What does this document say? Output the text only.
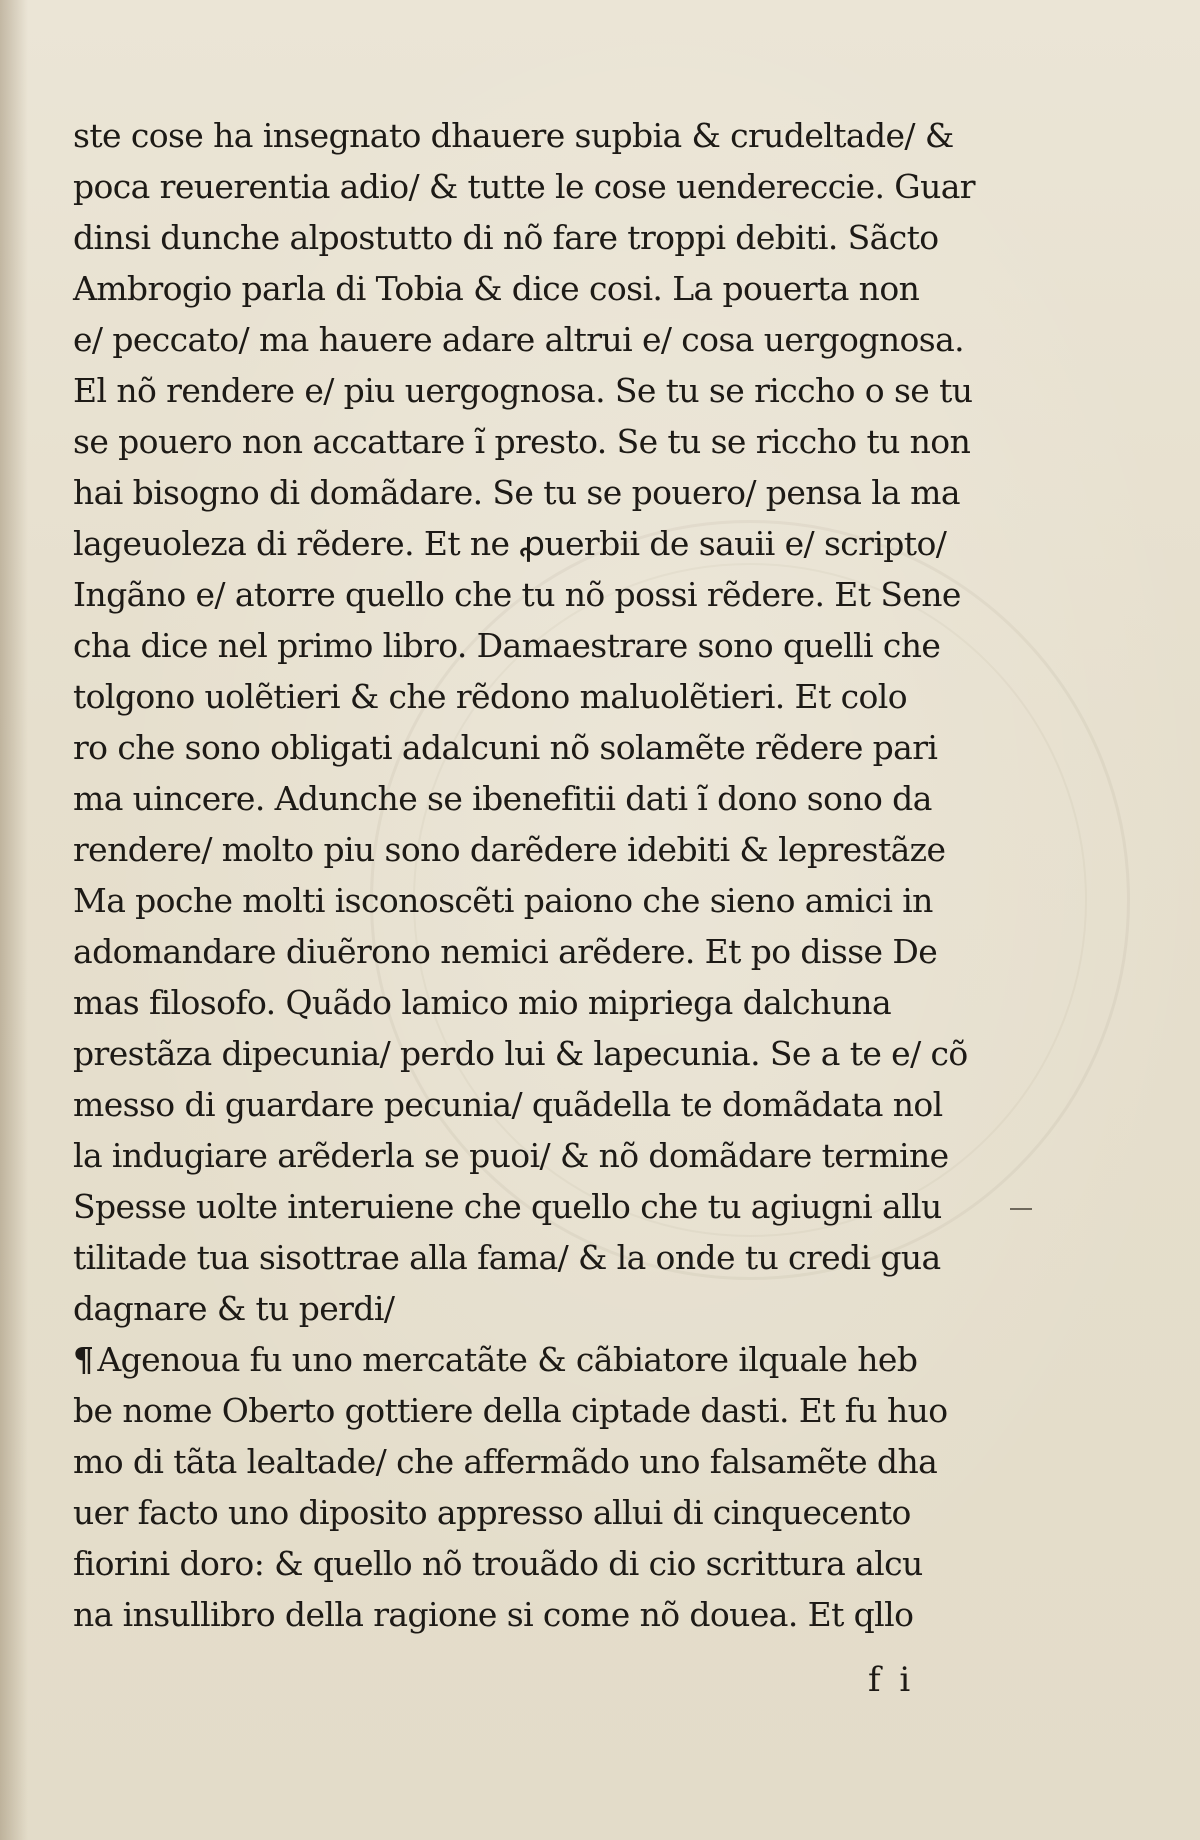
ste cose ha insegnato dhauere supbia & crudeltade/ &
poca reuerentia adio/ & tutte le cose uendereccie. Guar
dinsi dunche alpostutto di nõ fare troppi debiti. Sãcto
Ambrogio parla di Tobia & dice cosi. La pouerta non
e/ peccato/ ma hauere adare altrui e/ cosa uergognosa.
El nõ rendere e/ piu uergognosa. Se tu se riccho o se tu
se pouero non accattare ĩ presto. Se tu se riccho tu non
hai bisogno di domãdare. Se tu se pouero/ pensa la ma
lageuoleza di rẽdere. Et ne ꝓuerbii de sauii e/ scripto/
Ingãno e/ atorre quello che tu nõ possi rẽdere. Et Sene
cha dice nel primo libro. Damaestrare sono quelli che
tolgono uolẽtieri & che rẽdono maluolẽtieri. Et colo
ro che sono obligati adalcuni nõ solamẽte rẽdere pari
ma uincere. Adunche se ibenefitii dati ĩ dono sono da
rendere/ molto piu sono darẽdere idebiti & leprestãze
Ma poche molti isconoscẽti paiono che sieno amici in
adomandare diuẽrono nemici arẽdere. Et po disse De
mas filosofo. Quãdo lamico mio mipriega dalchuna
prestãza dipecunia/ perdo lui & lapecunia. Se a te e/ cõ
messo di guardare pecunia/ quãdella te domãdata nol
la indugiare arẽderla se puoi/ & nõ domãdare termine
Spesse uolte interuiene che quello che tu agiugni allu
tilitade tua sisottrae alla fama/ & la onde tu credi gua
dagnare & tu perdi/
¶ Agenoua fu uno mercatãte & cãbiatore ilquale heb
be nome Oberto gottiere della ciptade dasti. Et fu huo
mo di tãta lealtade/ che affermãdo uno falsamẽte dha
uer facto uno diposito appresso allui di cinquecento
fiorini doro: & quello nõ trouãdo di cio scrittura alcu
na insullibro della ragione si come nõ douea. Et qllo
f i
